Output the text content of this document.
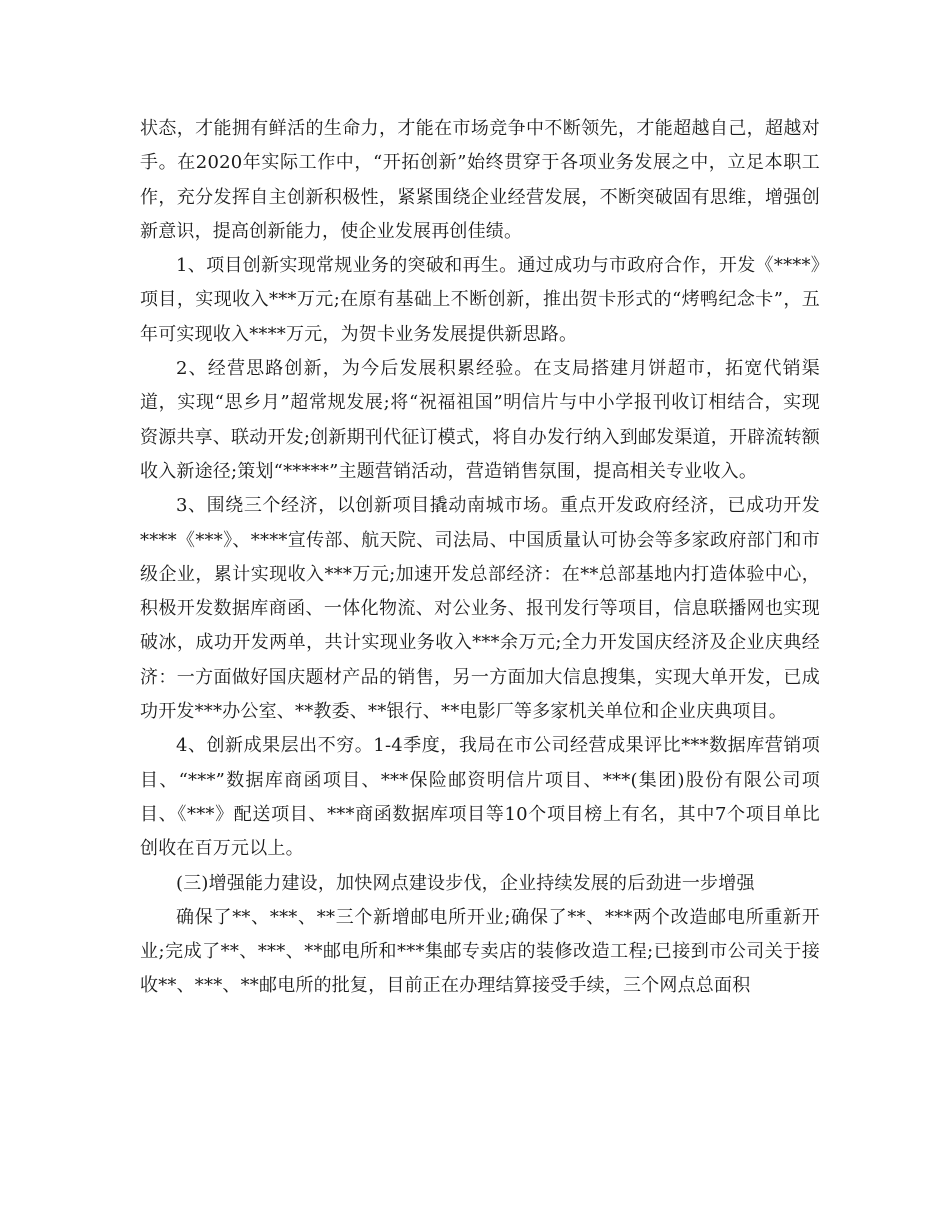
状态，才能拥有鲜活的生命力，才能在市场竞争中不断领先，才能超越自己，超越对手。在2020年实际工作中，“开拓创新”始终贯穿于各项业务发展之中，立足本职工作，充分发挥自主创新积极性，紧紧围绕企业经营发展，不断突破固有思维，增强创新意识，提高创新能力，使企业发展再创佳绩。

1、项目创新实现常规业务的突破和再生。通过成功与市政府合作，开发《****》项目，实现收入***万元;在原有基础上不断创新，推出贺卡形式的“烤鸭纪念卡”，五年可实现收入****万元，为贺卡业务发展提供新思路。

2、经营思路创新，为今后发展积累经验。在支局搭建月饼超市，拓宽代销渠道，实现“思乡月”超常规发展;将“祝福祖国”明信片与中小学报刊收订相结合，实现资源共享、联动开发;创新期刊代征订模式，将自办发行纳入到邮发渠道，开辟流转额收入新途径;策划“*****”主题营销活动，营造销售氛围，提高相关专业收入。

3、围绕三个经济，以创新项目撬动南城市场。重点开发政府经济，已成功开发****《***》、****宣传部、航天院、司法局、中国质量认可协会等多家政府部门和市级企业，累计实现收入***万元;加速开发总部经济：在**总部基地内打造体验中心，积极开发数据库商函、一体化物流、对公业务、报刊发行等项目，信息联播网也实现破冰，成功开发两单，共计实现业务收入***余万元;全力开发国庆经济及企业庆典经济：一方面做好国庆题材产品的销售，另一方面加大信息搜集，实现大单开发，已成功开发***办公室、**教委、**银行、**电影厂等多家机关单位和企业庆典项目。

4、创新成果层出不穷。1-4季度，我局在市公司经营成果评比***数据库营销项目、“***”数据库商函项目、***保险邮资明信片项目、***(集团)股份有限公司项目、《***》配送项目、***商函数据库项目等10个项目榜上有名，其中7个项目单比创收在百万元以上。

(三)增强能力建设，加快网点建设步伐，企业持续发展的后劲进一步增强

确保了**、***、**三个新增邮电所开业;确保了**、***两个改造邮电所重新开业;完成了**、***、**邮电所和***集邮专卖店的装修改造工程;已接到市公司关于接收**、***、**邮电所的批复，目前正在办理结算接受手续，三个网点总面积
